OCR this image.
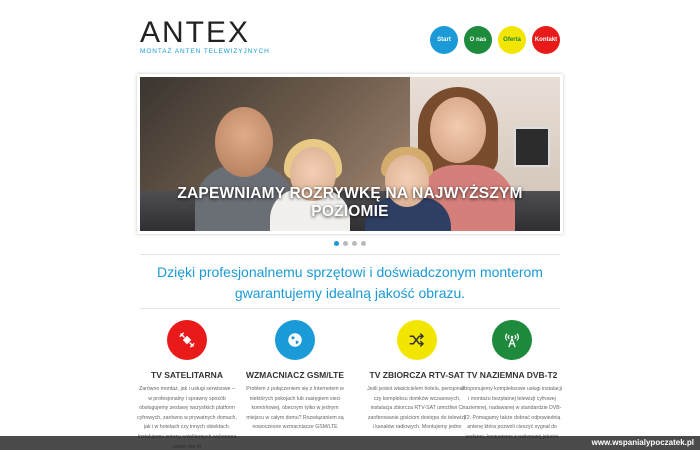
ANTEX
MONTAŻ ANTEN TELEWIZYJNYCH
Start	O nas	Oferta	Kontakt
ZAPEWNIAMY ROZRYWKĘ NA NAJWYŻSZYM POZIOMIE
Dzięki profesjonalnemu sprzętowi i doświadczonym monterom gwarantujemy idealną jakość obrazu.
TV SATELITARNA
Zarówno montaż, jak i usługi serwisowe – w profesjonalny i sprawny sposób obsługujemy zestawy wszystkich platform cyfrowych, zarówno w prywatnych domach, jak i w hotelach czy innych obiektach.
WZMACNIACZ GSM/LTE
Problem z połączeniem się z Internetem w niektórych pokojach lub zasięgiem sieci komórkowej, obecnym tylko w jednym miejscu w całym domu? Rozwiązaniem są nowoczesne wzmacniacze GSM/LTE
TV ZBIORCZA RTV-SAT
Jeśli jesteś właścicielem hotelu, pensjonatu czy kompleksu domków wczasowych, instalacja zbiorcza RTV-SAT umożliwi Ci zaoferowanie gościom dostępu do telewizji i kanałów radiowych. Montujemy jedno
TV NAZIEMNA DVB-T2
Proponujemy kompleksowe usługi instalacji i montażu bezpłatnej telewizji cyfrowej naziemnej, nadawanej w standardzie DVB-T2. Pomagamy także dobrać odpowiednią antenę która pozwoli cieszyć sygnał do
www.wspanialypoczatek.pl
